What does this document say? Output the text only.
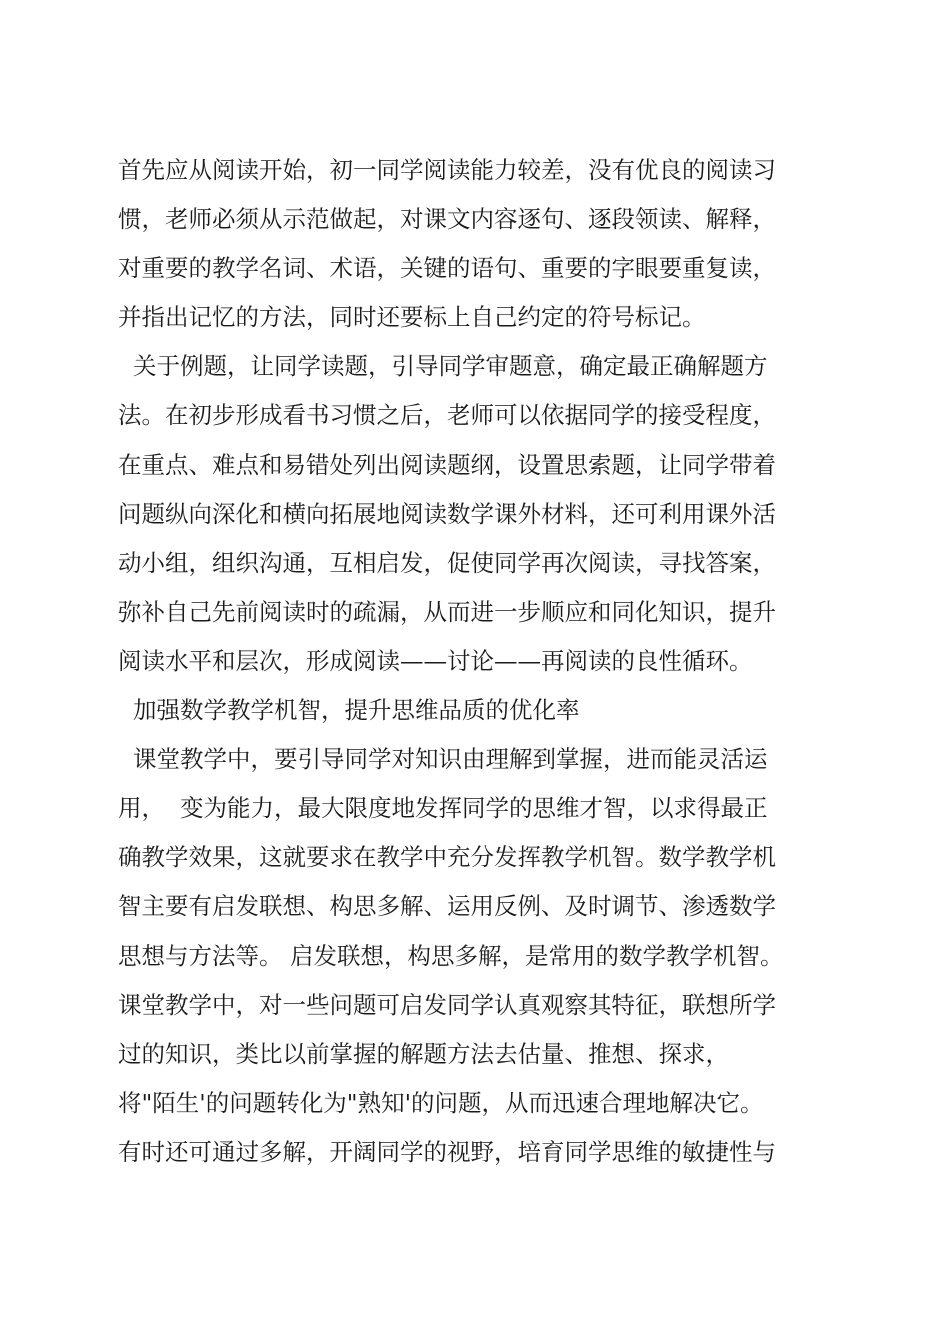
首先应从阅读开始，初一同学阅读能力较差，没有优良的阅读习
惯，老师必须从示范做起，对课文内容逐句、逐段领读、解释，
对重要的教学名词、术语，关键的语句、重要的字眼要重复读，
并指出记忆的方法，同时还要标上自己约定的符号标记。
关于例题，让同学读题，引导同学审题意，确定最正确解题方
法。在初步形成看书习惯之后，老师可以依据同学的接受程度，
在重点、难点和易错处列出阅读题纲，设置思索题，让同学带着
问题纵向深化和横向拓展地阅读数学课外材料，还可利用课外活
动小组，组织沟通，互相启发，促使同学再次阅读，寻找答案，
弥补自己先前阅读时的疏漏，从而进一步顺应和同化知识，提升
阅读水平和层次，形成阅读——讨论——再阅读的良性循环。
加强数学教学机智，提升思维品质的优化率
课堂教学中，要引导同学对知识由理解到掌握，进而能灵活运
用，  变为能力，最大限度地发挥同学的思维才智，以求得最正
确教学效果，这就要求在教学中充分发挥教学机智。数学教学机
智主要有启发联想、构思多解、运用反例、及时调节、渗透数学
思想与方法等。 启发联想，构思多解，是常用的数学教学机智。
课堂教学中，对一些问题可启发同学认真观察其特征，联想所学
过的知识，类比以前掌握的解题方法去估量、推想、探求，
将"陌生'的问题转化为"熟知'的问题，从而迅速合理地解决它。
有时还可通过多解，开阔同学的视野，培育同学思维的敏捷性与
